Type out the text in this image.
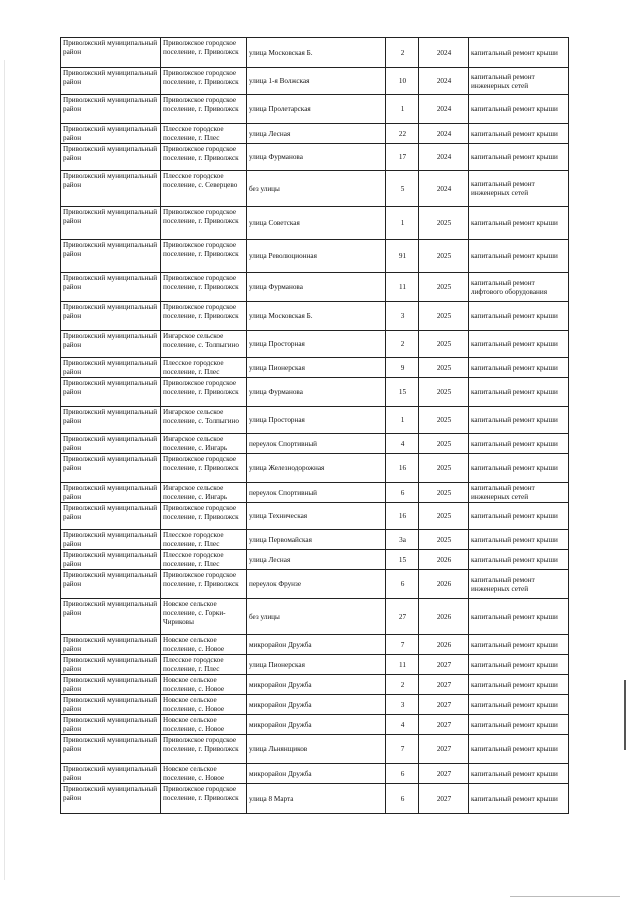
Приволжский муниципальный район	Приволжское городское поселение, г. Приволжск	улица Московская Б.	2	2024	капитальный ремонт крыши
Приволжский муниципальный район	Приволжское городское поселение, г. Приволжск	улица 1-я Волжская	10	2024	капитальный ремонт инженерных сетей
Приволжский муниципальный район	Приволжское городское поселение, г. Приволжск	улица Пролетарская	1	2024	капитальный ремонт крыши
Приволжский муниципальный район	Плесское городское поселение, г. Плес	улица Лесная	22	2024	капитальный ремонт крыши
Приволжский муниципальный район	Приволжское городское поселение, г. Приволжск	улица Фурманова	17	2024	капитальный ремонт крыши
Приволжский муниципальный район	Плесское городское поселение, с. Северцево	без улицы	5	2024	капитальный ремонт инженерных сетей
Приволжский муниципальный район	Приволжское городское поселение, г. Приволжск	улица Советская	1	2025	капитальный ремонт крыши
Приволжский муниципальный район	Приволжское городское поселение, г. Приволжск	улица Революционная	91	2025	капитальный ремонт крыши
Приволжский муниципальный район	Приволжское городское поселение, г. Приволжск	улица Фурманова	11	2025	капитальный ремонт лифтового оборудования
Приволжский муниципальный район	Приволжское городское поселение, г. Приволжск	улица Московская Б.	3	2025	капитальный ремонт крыши
Приволжский муниципальный район	Ингарское сельское поселение, с. Толпыгино	улица Просторная	2	2025	капитальный ремонт крыши
Приволжский муниципальный район	Плесское городское поселение, г. Плес	улица Пионерская	9	2025	капитальный ремонт крыши
Приволжский муниципальный район	Приволжское городское поселение, г. Приволжск	улица Фурманова	15	2025	капитальный ремонт крыши
Приволжский муниципальный район	Ингарское сельское поселение, с. Толпыгино	улица Просторная	1	2025	капитальный ремонт крыши
Приволжский муниципальный район	Ингарское сельское поселение, с. Ингарь	переулок Спортивный	4	2025	капитальный ремонт крыши
Приволжский муниципальный район	Приволжское городское поселение, г. Приволжск	улица Железнодорожная	16	2025	капитальный ремонт крыши
Приволжский муниципальный район	Ингарское сельское поселение, с. Ингарь	переулок Спортивный	6	2025	капитальный ремонт инженерных сетей
Приволжский муниципальный район	Приволжское городское поселение, г. Приволжск	улица Техническая	16	2025	капитальный ремонт крыши
Приволжский муниципальный район	Плесское городское поселение, г. Плес	улица Первомайская	3а	2025	капитальный ремонт крыши
Приволжский муниципальный район	Плесское городское поселение, г. Плес	улица Лесная	15	2026	капитальный ремонт крыши
Приволжский муниципальный район	Приволжское городское поселение, г. Приволжск	переулок Фрунзе	6	2026	капитальный ремонт инженерных сетей
Приволжский муниципальный район	Новское сельское поселение, с. Горки-Чириковы	без улицы	27	2026	капитальный ремонт крыши
Приволжский муниципальный район	Новское сельское поселение, с. Новое	микрорайон Дружба	7	2026	капитальный ремонт крыши
Приволжский муниципальный район	Плесское городское поселение, г. Плес	улица Пионерская	11	2027	капитальный ремонт крыши
Приволжский муниципальный район	Новское сельское поселение, с. Новое	микрорайон Дружба	2	2027	капитальный ремонт крыши
Приволжский муниципальный район	Новское сельское поселение, с. Новое	микрорайон Дружба	3	2027	капитальный ремонт крыши
Приволжский муниципальный район	Новское сельское поселение, с. Новое	микрорайон Дружба	4	2027	капитальный ремонт крыши
Приволжский муниципальный район	Приволжское городское поселение, г. Приволжск	улица Льнянщиков	7	2027	капитальный ремонт крыши
Приволжский муниципальный район	Новское сельское поселение, с. Новое	микрорайон Дружба	6	2027	капитальный ремонт крыши
Приволжский муниципальный район	Приволжское городское поселение, г. Приволжск	улица 8 Марта	6	2027	капитальный ремонт крыши
